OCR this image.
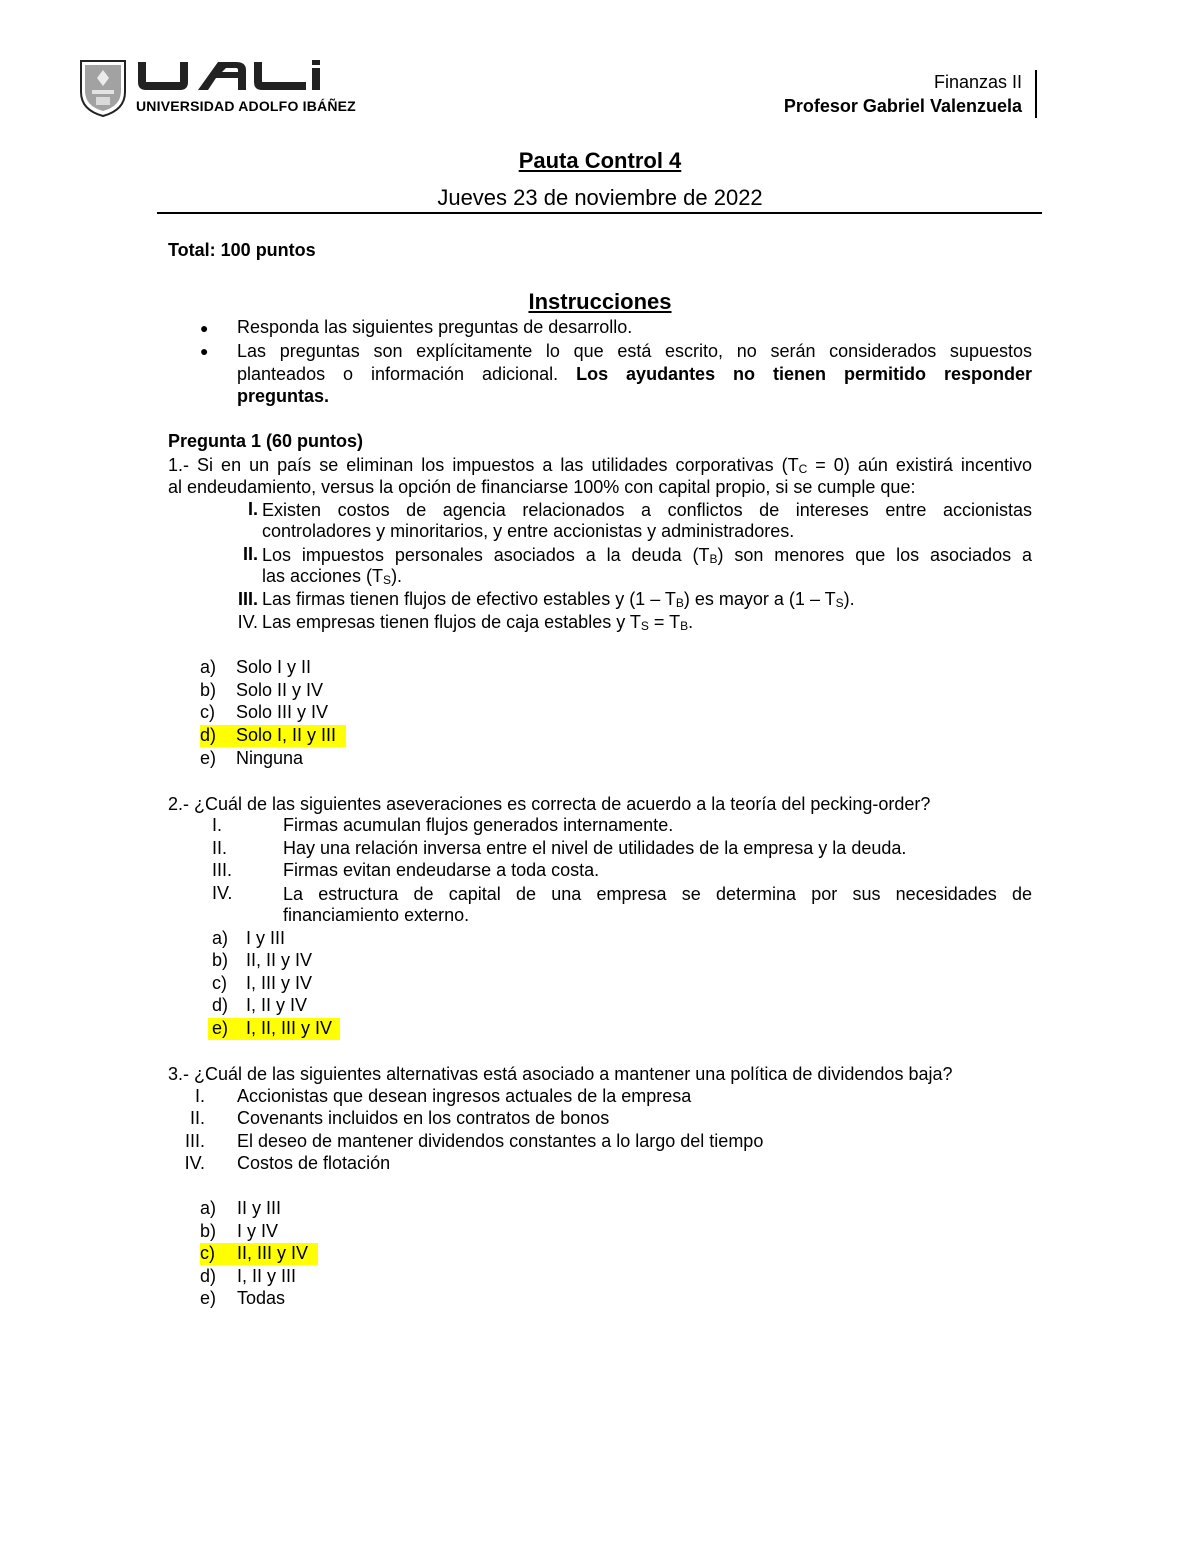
UNIVERSIDAD ADOLFO IBÁÑEZ
Finanzas II
Profesor Gabriel Valenzuela
Pauta Control 4
Jueves 23 de noviembre de 2022
Total: 100 puntos
Instrucciones
● Responda las siguientes preguntas de desarrollo.
● Las preguntas son explícitamente lo que está escrito, no serán considerados supuestos
planteados o información adicional. Los ayudantes no tienen permitido responder
preguntas.
Pregunta 1 (60 puntos)
1.- Si en un país se eliminan los impuestos a las utilidades corporativas $(T_C = 0)$ aún existirá incentivo
al endeudamiento, versus la opción de financiarse 100% con capital propio, si se cumple que:
I. Existen costos de agencia relacionados a conflictos de intereses entre accionistas
controladores y minoritarios, y entre accionistas y administradores.
II. Los impuestos personales asociados a la deuda $(T_B)$ son menores que los asociados a
las acciones $(T_S)$.
III. Las firmas tienen flujos de efectivo estables y $(1 - T_B)$ es mayor a $(1 - T_S)$.
IV. Las empresas tienen flujos de caja estables y $T_S = T_B$.
a) Solo I y II
b) Solo II y IV
c) Solo III y IV
d) Solo I, II y III
e) Ninguna
2.- ¿Cuál de las siguientes aseveraciones es correcta de acuerdo a la teoría del pecking-order?
I.	Firmas acumulan flujos generados internamente.
II.	Hay una relación inversa entre el nivel de utilidades de la empresa y la deuda.
III.	Firmas evitan endeudarse a toda costa.
IV.	La estructura de capital de una empresa se determina por sus necesidades de
financiamiento externo.
a) I y III
b) II, II y IV
c) I, III y IV
d) I, II y IV
e) I, II, III y IV
3.- ¿Cuál de las siguientes alternativas está asociado a mantener una política de dividendos baja?
I. Accionistas que desean ingresos actuales de la empresa
II. Covenants incluidos en los contratos de bonos
III. El deseo de mantener dividendos constantes a lo largo del tiempo
IV. Costos de flotación
a) II y III
b) I y IV
c) II, III y IV
d) I, II y III
e) Todas
